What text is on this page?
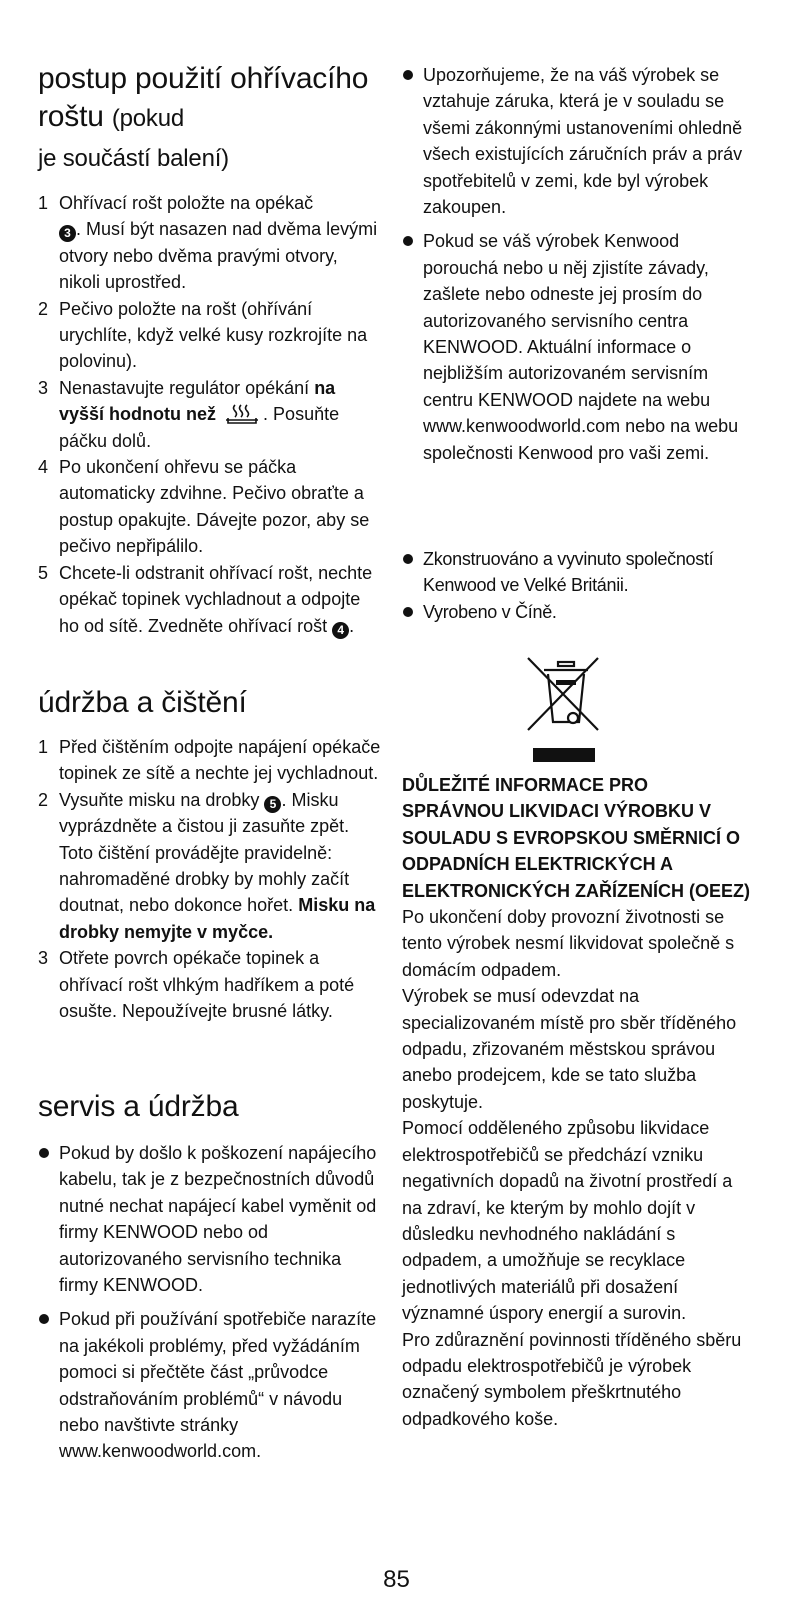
postup použití ohřívacího roštu (pokud
je součástí balení)
1 Ohřívací rošt položte na opékač
3 . Musí být nasazen nad dvěma levými otvory nebo dvěma pravými otvory, nikoli uprostřed.
2 Pečivo položte na rošt (ohřívání urychlíte, když velké kusy rozkrojíte na polovinu).
3 Nenastavujte regulátor opékání na vyšší hodnotu než	. Posuňte páčku dolů.
4 Po ukončení ohřevu se páčka automaticky zdvihne. Pečivo obraťte a postup opakujte. Dávejte pozor, aby se pečivo nepřipálilo.
5 Chcete-li odstranit ohřívací rošt, nechte opékač topinek vychladnout a odpojte ho od sítě. Zvedněte ohřívací rošt 4 .
údržba a čištění
1 Před čištěním odpojte napájení opékače topinek ze sítě a nechte jej vychladnout.
2 Vysuňte misku na drobky 5 . Misku vyprázdněte a čistou ji zasuňte zpět. Toto čištění provádějte pravidelně: nahromaděné drobky by mohly začít doutnat, nebo dokonce hořet. Misku na drobky nemyjte v myčce.
3 Otřete povrch opékače topinek a ohřívací rošt vlhkým hadříkem a poté osušte. Nepoužívejte brusné látky.
servis a údržba
Pokud by došlo k poškození napájecího kabelu, tak je z bezpečnostních důvodů nutné nechat napájecí kabel vyměnit od firmy KENWOOD nebo od autorizovaného servisního technika firmy KENWOOD.
Pokud při používání spotřebiče narazíte na jakékoli problémy, před vyžádáním pomoci si přečtěte část „průvodce odstraňováním problémů“ v návodu nebo navštivte stránky www.kenwoodworld.com.
Upozorňujeme, že na váš výrobek se vztahuje záruka, která je v souladu se všemi zákonnými ustanoveními ohledně všech existujících záručních práv a práv spotřebitelů v zemi, kde byl výrobek zakoupen.
Pokud se váš výrobek Kenwood porouchá nebo u něj zjistíte závady, zašlete nebo odneste jej prosím do autorizovaného servisního centra KENWOOD. Aktuální informace o nejbližším autorizovaném servisním centru KENWOOD najdete na webu www.kenwoodworld.com nebo na webu společnosti Kenwood pro vaši zemi.
Zkonstruováno a vyvinuto společností Kenwood ve Velké Británii.
Vyrobeno v Číně.
DŮLEŽITÉ INFORMACE PRO SPRÁVNOU LIKVIDACI VÝROBKU V SOULADU S EVROPSKOU SMĚRNICÍ O ODPADNÍCH ELEKTRICKÝCH A ELEKTRONICKÝCH ZAŘÍZENÍCH (OEEZ)

Po ukončení doby provozní životnosti se tento výrobek nesmí likvidovat společně s domácím odpadem.

Výrobek se musí odevzdat na specializovaném místě pro sběr tříděného odpadu, zřizovaném městskou správou anebo prodejcem, kde se tato služba poskytuje.

Pomocí odděleného způsobu likvidace elektrospotřebičů se předchází vzniku negativních dopadů na životní prostředí a na zdraví, ke kterým by mohlo dojít v důsledku nevhodného nakládání s odpadem, a umožňuje se recyklace jednotlivých materiálů při dosažení významné úspory energií a surovin.

Pro zdůraznění povinnosti tříděného sběru odpadu elektrospotřebičů je výrobek označený symbolem přeškrtnutého odpadkového koše.

85
